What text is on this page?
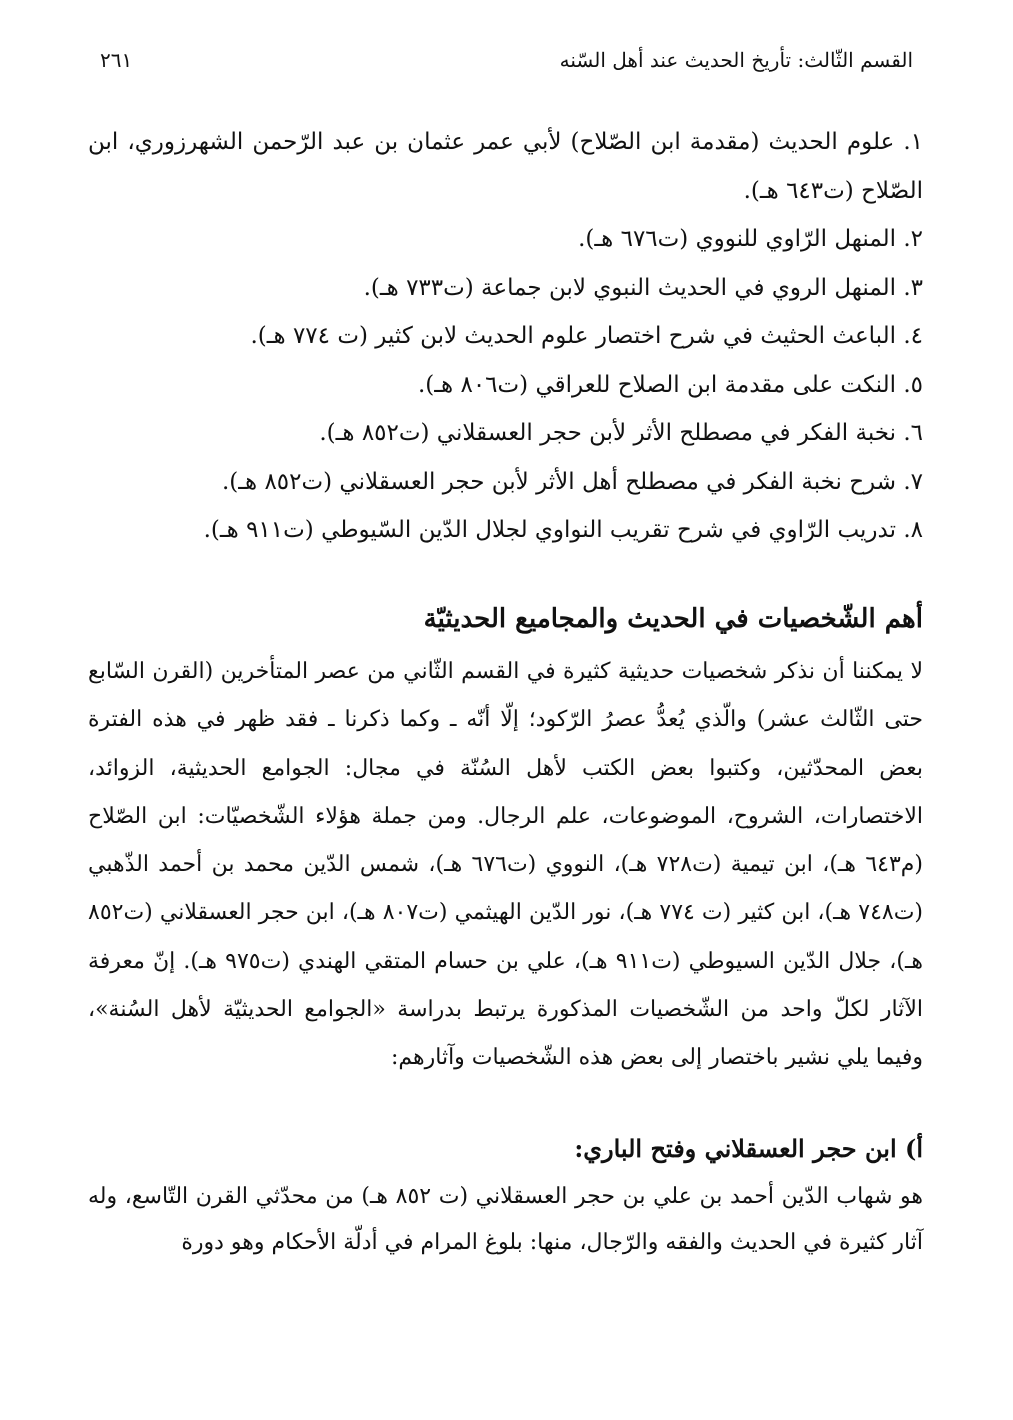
القسم الثّالث: تأريخ الحديث عند أهل السّنه
٢٦١
١. علوم الحديث (مقدمة ابن الصّلاح) لأبي عمر عثمان بن عبد الرّحمن الشهرزوري، ابن الصّلاح (ت٦٤٣ هـ).
٢. المنهل الرّاوي للنووي (ت٦٧٦ هـ).
٣. المنهل الروي في الحديث النبوي لابن جماعة (ت٧٣٣ هـ).
٤. الباعث الحثيث في شرح اختصار علوم الحديث لابن كثير (ت ٧٧٤ هـ).
٥. النكت على مقدمة ابن الصلاح للعراقي (ت٨٠٦ هـ).
٦. نخبة الفكر في مصطلح الأثر لأبن حجر العسقلاني (ت٨٥٢ هـ).
٧. شرح نخبة الفكر في مصطلح أهل الأثر لأبن حجر العسقلاني (ت٨٥٢ هـ).
٨. تدريب الرّاوي في شرح تقريب النواوي لجلال الدّين السّيوطي (ت٩١١ هـ).
أهم الشّخصيات في الحديث والمجاميع الحديثيّة

لا يمكننا أن نذكر شخصيات حديثية كثيرة في القسم الثّاني من عصر المتأخرين (القرن السّابع حتى الثّالث عشر) والّذي يُعدُّ عصرُ الرّكود؛ إلّا أنّه ـ وكما ذكرنا ـ فقد ظهر في هذه الفترة بعض المحدّثين، وكتبوا بعض الكتب لأهل السُنّة في مجال: الجوامع الحديثية، الزوائد، الاختصارات، الشروح، الموضوعات، علم الرجال. ومن جملة هؤلاء الشّخصيّات: ابن الصّلاح (م٦٤٣ هـ)، ابن تيمية (ت٧٢٨ هـ)، النووي (ت٦٧٦ هـ)، شمس الدّين محمد بن أحمد الذّهبي (ت٧٤٨ هـ)، ابن كثير (ت ٧٧٤ هـ)، نور الدّين الهيثمي (ت٨٠٧ هـ)، ابن حجر العسقلاني (ت٨٥٢ هـ)، جلال الدّين السيوطي (ت٩١١ هـ)، علي بن حسام المتقي الهندي (ت٩٧٥ هـ). إنّ معرفة الآثار لكلّ واحد من الشّخصيات المذكورة يرتبط بدراسة «الجوامع الحديثيّة لأهل السُنة»، وفيما يلي نشير باختصار إلى بعض هذه الشّخصيات وآثارهم:

أ) ابن حجر العسقلاني وفتح الباري:

هو شهاب الدّين أحمد بن علي بن حجر العسقلاني (ت ٨٥٢ هـ) من محدّثي القرن التّاسع، وله آثار كثيرة في الحديث والفقه والرّجال، منها: بلوغ المرام في أدلّة الأحكام وهو دورة
